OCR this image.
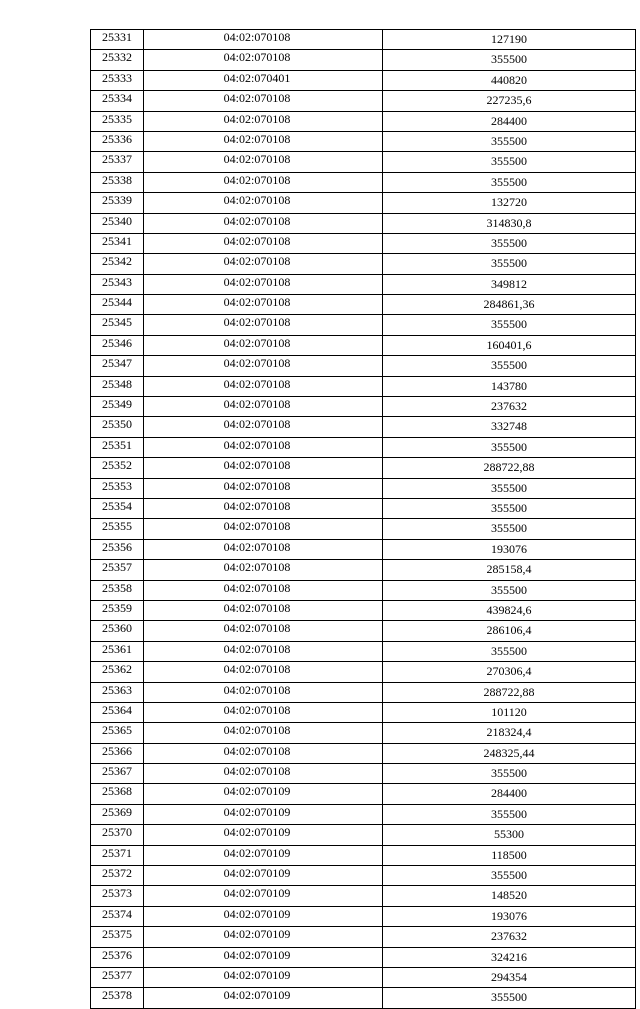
25331	04:02:070108	127190
25332	04:02:070108	355500
25333	04:02:070401	440820
25334	04:02:070108	227235,6
25335	04:02:070108	284400
25336	04:02:070108	355500
25337	04:02:070108	355500
25338	04:02:070108	355500
25339	04:02:070108	132720
25340	04:02:070108	314830,8
25341	04:02:070108	355500
25342	04:02:070108	355500
25343	04:02:070108	349812
25344	04:02:070108	284861,36
25345	04:02:070108	355500
25346	04:02:070108	160401,6
25347	04:02:070108	355500
25348	04:02:070108	143780
25349	04:02:070108	237632
25350	04:02:070108	332748
25351	04:02:070108	355500
25352	04:02:070108	288722,88
25353	04:02:070108	355500
25354	04:02:070108	355500
25355	04:02:070108	355500
25356	04:02:070108	193076
25357	04:02:070108	285158,4
25358	04:02:070108	355500
25359	04:02:070108	439824,6
25360	04:02:070108	286106,4
25361	04:02:070108	355500
25362	04:02:070108	270306,4
25363	04:02:070108	288722,88
25364	04:02:070108	101120
25365	04:02:070108	218324,4
25366	04:02:070108	248325,44
25367	04:02:070108	355500
25368	04:02:070109	284400
25369	04:02:070109	355500
25370	04:02:070109	55300
25371	04:02:070109	118500
25372	04:02:070109	355500
25373	04:02:070109	148520
25374	04:02:070109	193076
25375	04:02:070109	237632
25376	04:02:070109	324216
25377	04:02:070109	294354
25378	04:02:070109	355500
